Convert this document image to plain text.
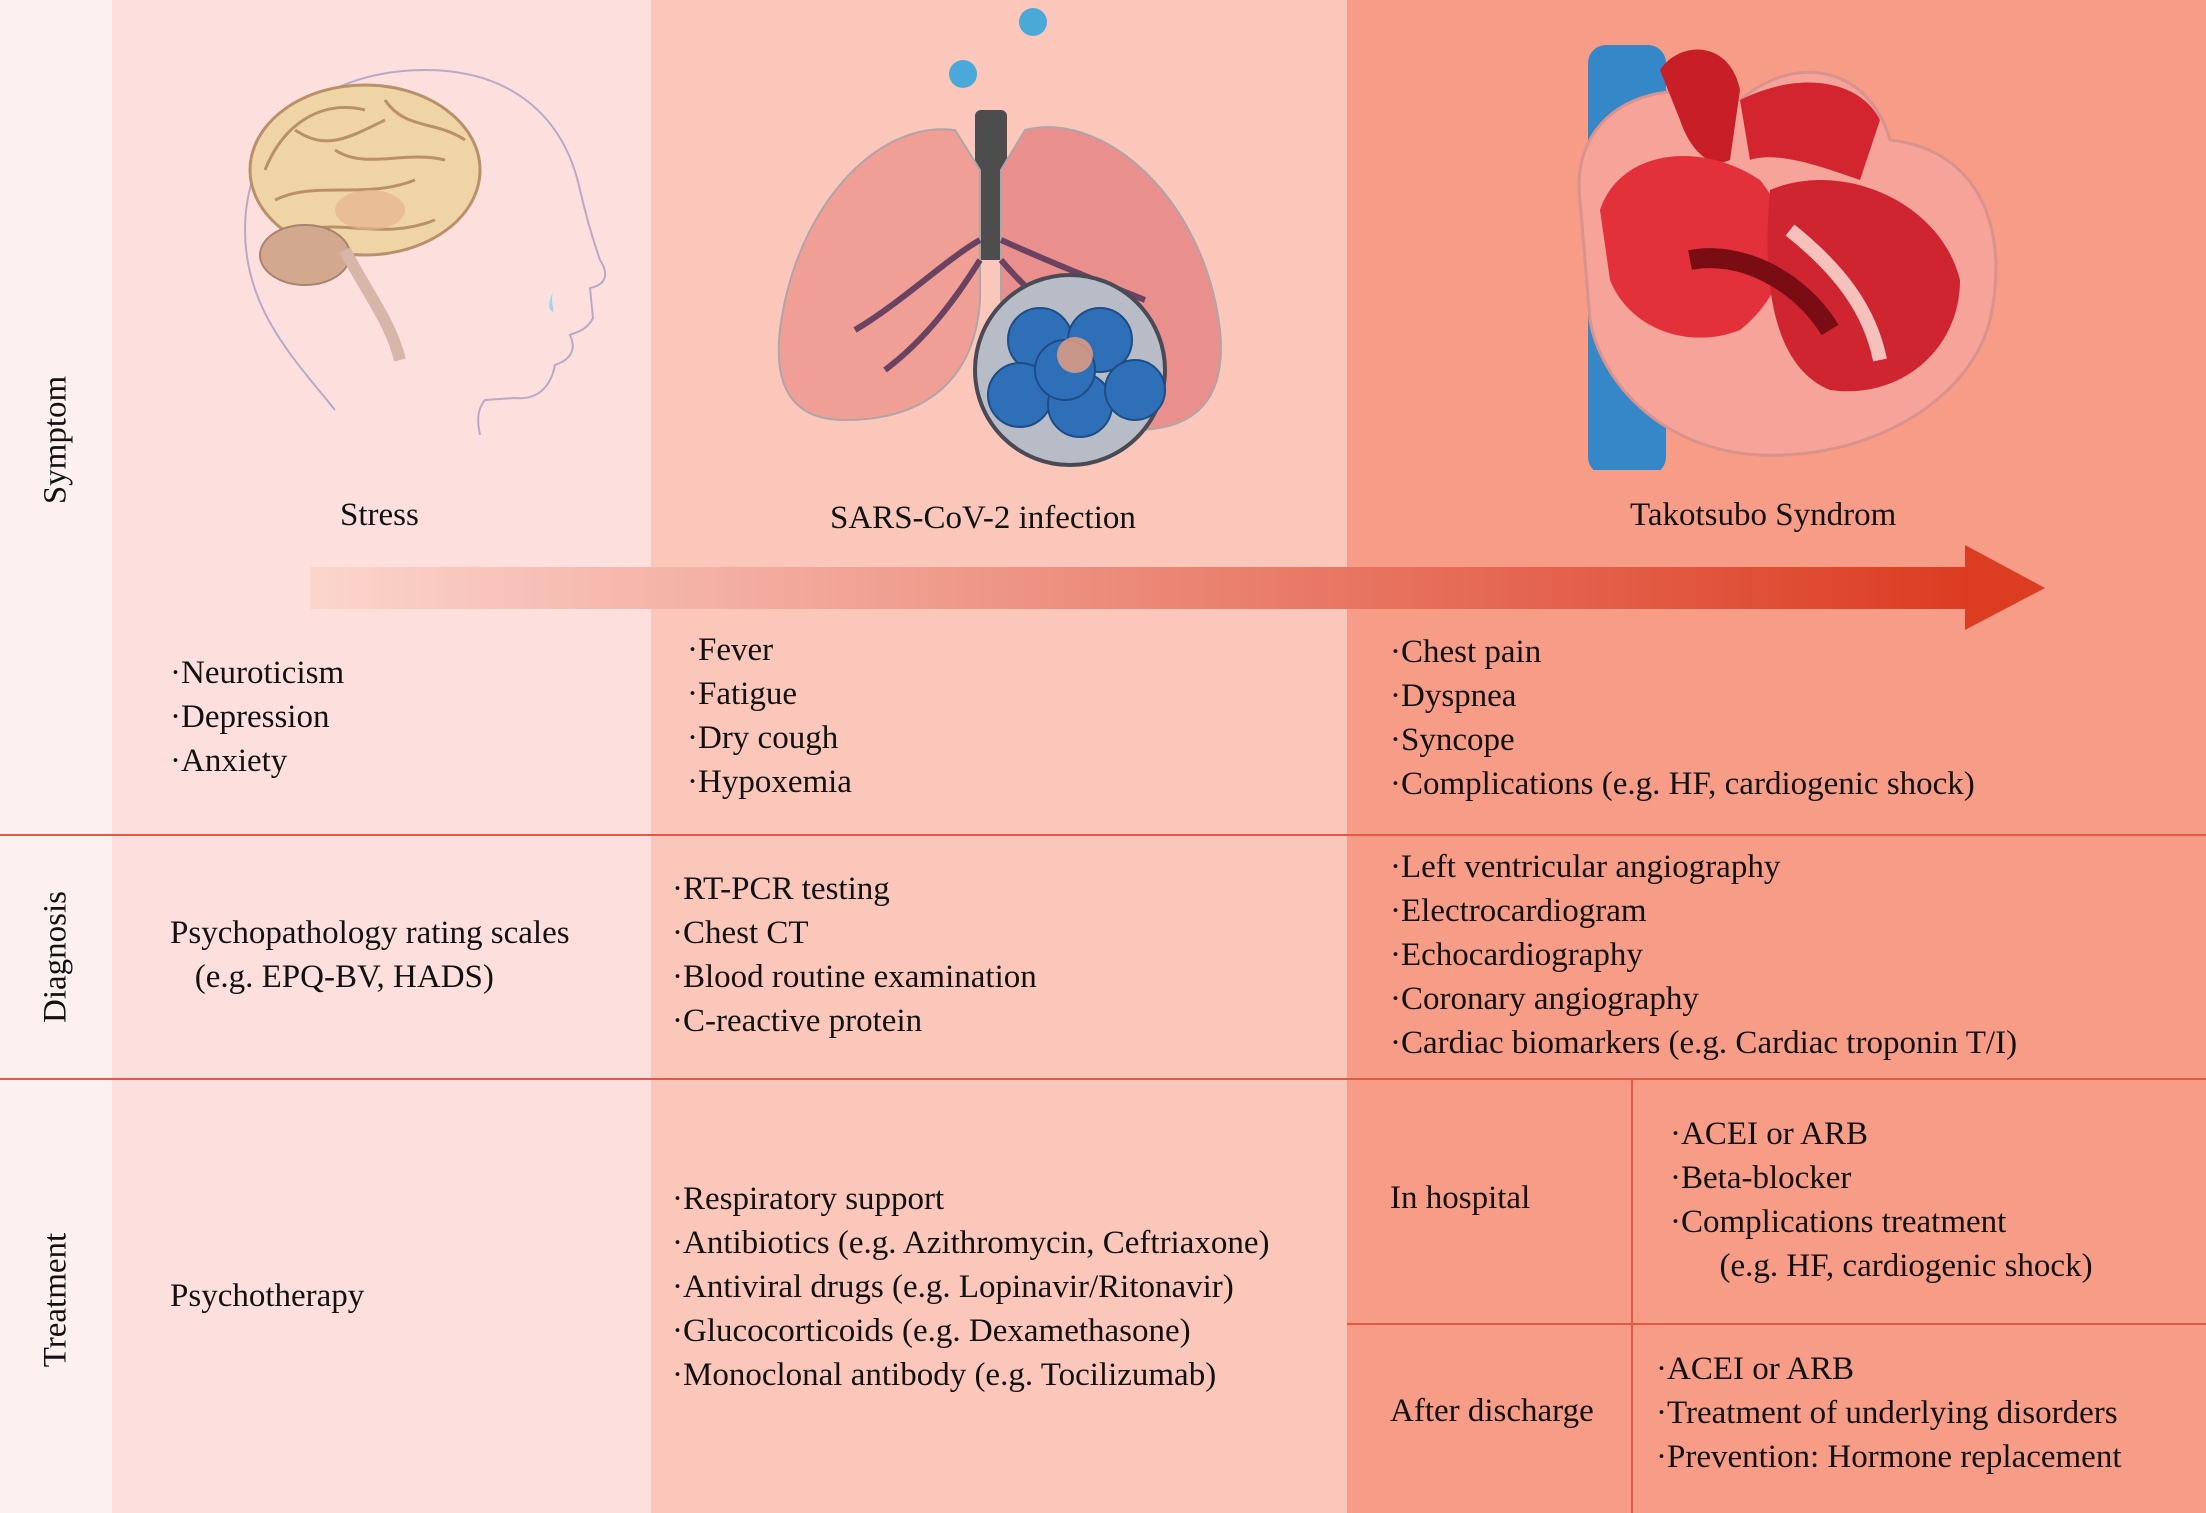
Symptom
Diagnosis
Treatment
Stress	SARS-CoV-2 infection	Takotsubo Syndrom
·Neuroticism
·Depression
·Anxiety
·Fever
·Fatigue
·Dry cough
·Hypoxemia
·Chest pain
·Dyspnea
·Syncope
·Complications (e.g. HF, cardiogenic shock)
Psychopathology rating scales
(e.g. EPQ-BV, HADS)
·RT-PCR testing
·Chest CT
·Blood routine examination
·C-reactive protein
·Left ventricular angiography
·Electrocardiogram
·Echocardiography
·Coronary angiography
·Cardiac biomarkers (e.g. Cardiac troponin T/I)
Psychotherapy
·Respiratory support
·Antibiotics (e.g. Azithromycin, Ceftriaxone)
·Antiviral drugs (e.g. Lopinavir/Ritonavir)
·Glucocorticoids (e.g. Dexamethasone)
·Monoclonal antibody (e.g. Tocilizumab)
In hospital
·ACEI or ARB
·Beta-blocker
·Complications treatment
(e.g. HF, cardiogenic shock)
After discharge
·ACEI or ARB
·Treatment of underlying disorders
·Prevention: Hormone replacement
